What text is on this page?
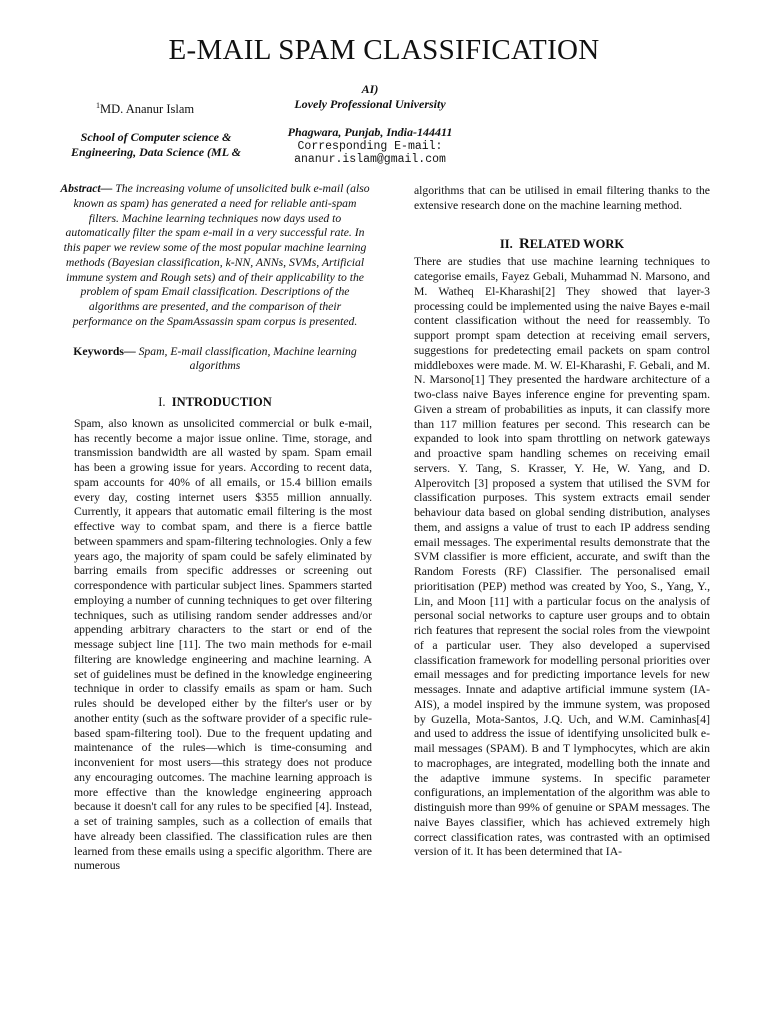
E-MAIL SPAM CLASSIFICATION
$^1$MD. Ananur Islam
School of Computer science &
Engineering, Data Science (ML &
AI)
Lovely Professional University
Phagwara, Punjab, India-144411
Corresponding E-mail:
ananur.islam@gmail.com

Abstract— The increasing volume of unsolicited bulk e-mail (also known as spam) has generated a need for reliable anti-spam filters. Machine learning techniques now days used to automatically filter the spam e-mail in a very successful rate. In this paper we review some of the most popular machine learning methods (Bayesian classification, k-NN, ANNs, SVMs, Artificial immune system and Rough sets) and of their applicability to the problem of spam Email classification. Descriptions of the algorithms are presented, and the comparison of their performance on the SpamAssassin spam corpus is presented.

Keywords— Spam, E-mail classification, Machine learning algorithms

I. INTRODUCTION

Spam, also known as unsolicited commercial or bulk e-mail, has recently become a major issue online. Time, storage, and transmission bandwidth are all wasted by spam. Spam email has been a growing issue for years. According to recent data, spam accounts for 40% of all emails, or 15.4 billion emails every day, costing internet users $355 million annually. Currently, it appears that automatic email filtering is the most effective way to combat spam, and there is a fierce battle between spammers and spam-filtering technologies. Only a few years ago, the majority of spam could be safely eliminated by barring emails from specific addresses or screening out correspondence with particular subject lines. Spammers started employing a number of cunning techniques to get over filtering techniques, such as utilising random sender addresses and/or appending arbitrary characters to the start or end of the message subject line [11]. The two main methods for e-mail filtering are knowledge engineering and machine learning. A set of guidelines must be defined in the knowledge engineering technique in order to classify emails as spam or ham. Such rules should be developed either by the filter's user or by another entity (such as the software provider of a specific rule-based spam-filtering tool). Due to the frequent updating and maintenance of the rules—which is time-consuming and inconvenient for most users—this strategy does not produce any encouraging outcomes. The machine learning approach is more effective than the knowledge engineering approach because it doesn't call for any rules to be specified [4]. Instead, a set of training samples, such as a collection of emails that have already been classified. The classification rules are then learned from these emails using a specific algorithm. There are numerous

algorithms that can be utilised in email filtering thanks to the extensive research done on the machine learning method.

II. RELATED WORK

There are studies that use machine learning techniques to categorise emails, Fayez Gebali, Muhammad N. Marsono, and M. Watheq El-Kharashi[2] They showed that layer-3 processing could be implemented using the naive Bayes e-mail content classification without the need for reassembly. To support prompt spam detection at receiving email servers, suggestions for predetecting email packets on spam control middleboxes were made. M. W. El-Kharashi, F. Gebali, and M. N. Marsono[1] They presented the hardware architecture of a two-class naive Bayes inference engine for preventing spam. Given a stream of probabilities as inputs, it can classify more than 117 million features per second. This research can be expanded to look into spam throttling on network gateways and proactive spam handling schemes on receiving email servers. Y. Tang, S. Krasser, Y. He, W. Yang, and D. Alperovitch [3] proposed a system that utilised the SVM for classification purposes. This system extracts email sender behaviour data based on global sending distribution, analyses them, and assigns a value of trust to each IP address sending email messages. The experimental results demonstrate that the SVM classifier is more efficient, accurate, and swift than the Random Forests (RF) Classifier. The personalised email prioritisation (PEP) method was created by Yoo, S., Yang, Y., Lin, and Moon [11] with a particular focus on the analysis of personal social networks to capture user groups and to obtain rich features that represent the social roles from the viewpoint of a particular user. They also developed a supervised classification framework for modelling personal priorities over email messages and for predicting importance levels for new messages. Innate and adaptive artificial immune system (IA-AIS), a model inspired by the immune system, was proposed by Guzella, Mota-Santos, J.Q. Uch, and W.M. Caminhas[4] and used to address the issue of identifying unsolicited bulk e-mail messages (SPAM). B and T lymphocytes, which are akin to macrophages, are integrated, modelling both the innate and the adaptive immune systems. In specific parameter configurations, an implementation of the algorithm was able to distinguish more than 99% of genuine or SPAM messages. The naive Bayes classifier, which has achieved extremely high correct classification rates, was contrasted with an optimised version of it. It has been determined that IA-
